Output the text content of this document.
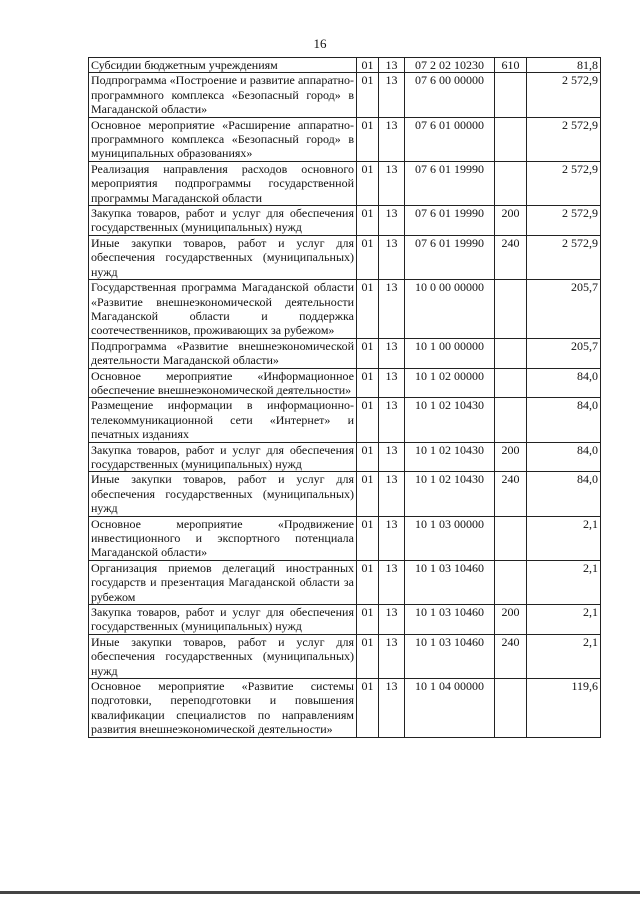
16
Субсидии бюджетным учреждениям	01	13	07 2 02 10230	610	81,8
Подпрограмма «Построение и развитие аппаратно-программного комплекса «Безопасный город» в Магаданской области»	01	13	07 6 00 00000		2 572,9
Основное мероприятие «Расширение аппаратно-программного комплекса «Безопасный город» в муниципальных образованиях»	01	13	07 6 01 00000		2 572,9
Реализация направления расходов основного мероприятия подпрограммы государственной программы Магаданской области	01	13	07 6 01 19990		2 572,9
Закупка товаров, работ и услуг для обеспечения государственных (муниципальных) нужд	01	13	07 6 01 19990	200	2 572,9
Иные закупки товаров, работ и услуг для обеспечения государственных (муниципальных) нужд	01	13	07 6 01 19990	240	2 572,9
Государственная программа Магаданской области «Развитие внешнеэкономической деятельности Магаданской области и поддержка соотечественников, проживающих за рубежом»	01	13	10 0 00 00000		205,7
Подпрограмма «Развитие внешнеэкономической деятельности Магаданской области»	01	13	10 1 00 00000		205,7
Основное мероприятие «Информационное обеспечение внешнеэкономической деятельности»	01	13	10 1 02 00000		84,0
Размещение информации в информационно-телекоммуникационной сети «Интернет» и печатных изданиях	01	13	10 1 02 10430		84,0
Закупка товаров, работ и услуг для обеспечения государственных (муниципальных) нужд	01	13	10 1 02 10430	200	84,0
Иные закупки товаров, работ и услуг для обеспечения государственных (муниципальных) нужд	01	13	10 1 02 10430	240	84,0
Основное мероприятие «Продвижение инвестиционного и экспортного потенциала Магаданской области»	01	13	10 1 03 00000		2,1
Организация приемов делегаций иностранных государств и презентация Магаданской области за рубежом	01	13	10 1 03 10460		2,1
Закупка товаров, работ и услуг для обеспечения государственных (муниципальных) нужд	01	13	10 1 03 10460	200	2,1
Иные закупки товаров, работ и услуг для обеспечения государственных (муниципальных) нужд	01	13	10 1 03 10460	240	2,1
Основное мероприятие «Развитие системы подготовки, переподготовки и повышения квалификации специалистов по направлениям развития внешнеэкономической деятельности»	01	13	10 1 04 00000		119,6
